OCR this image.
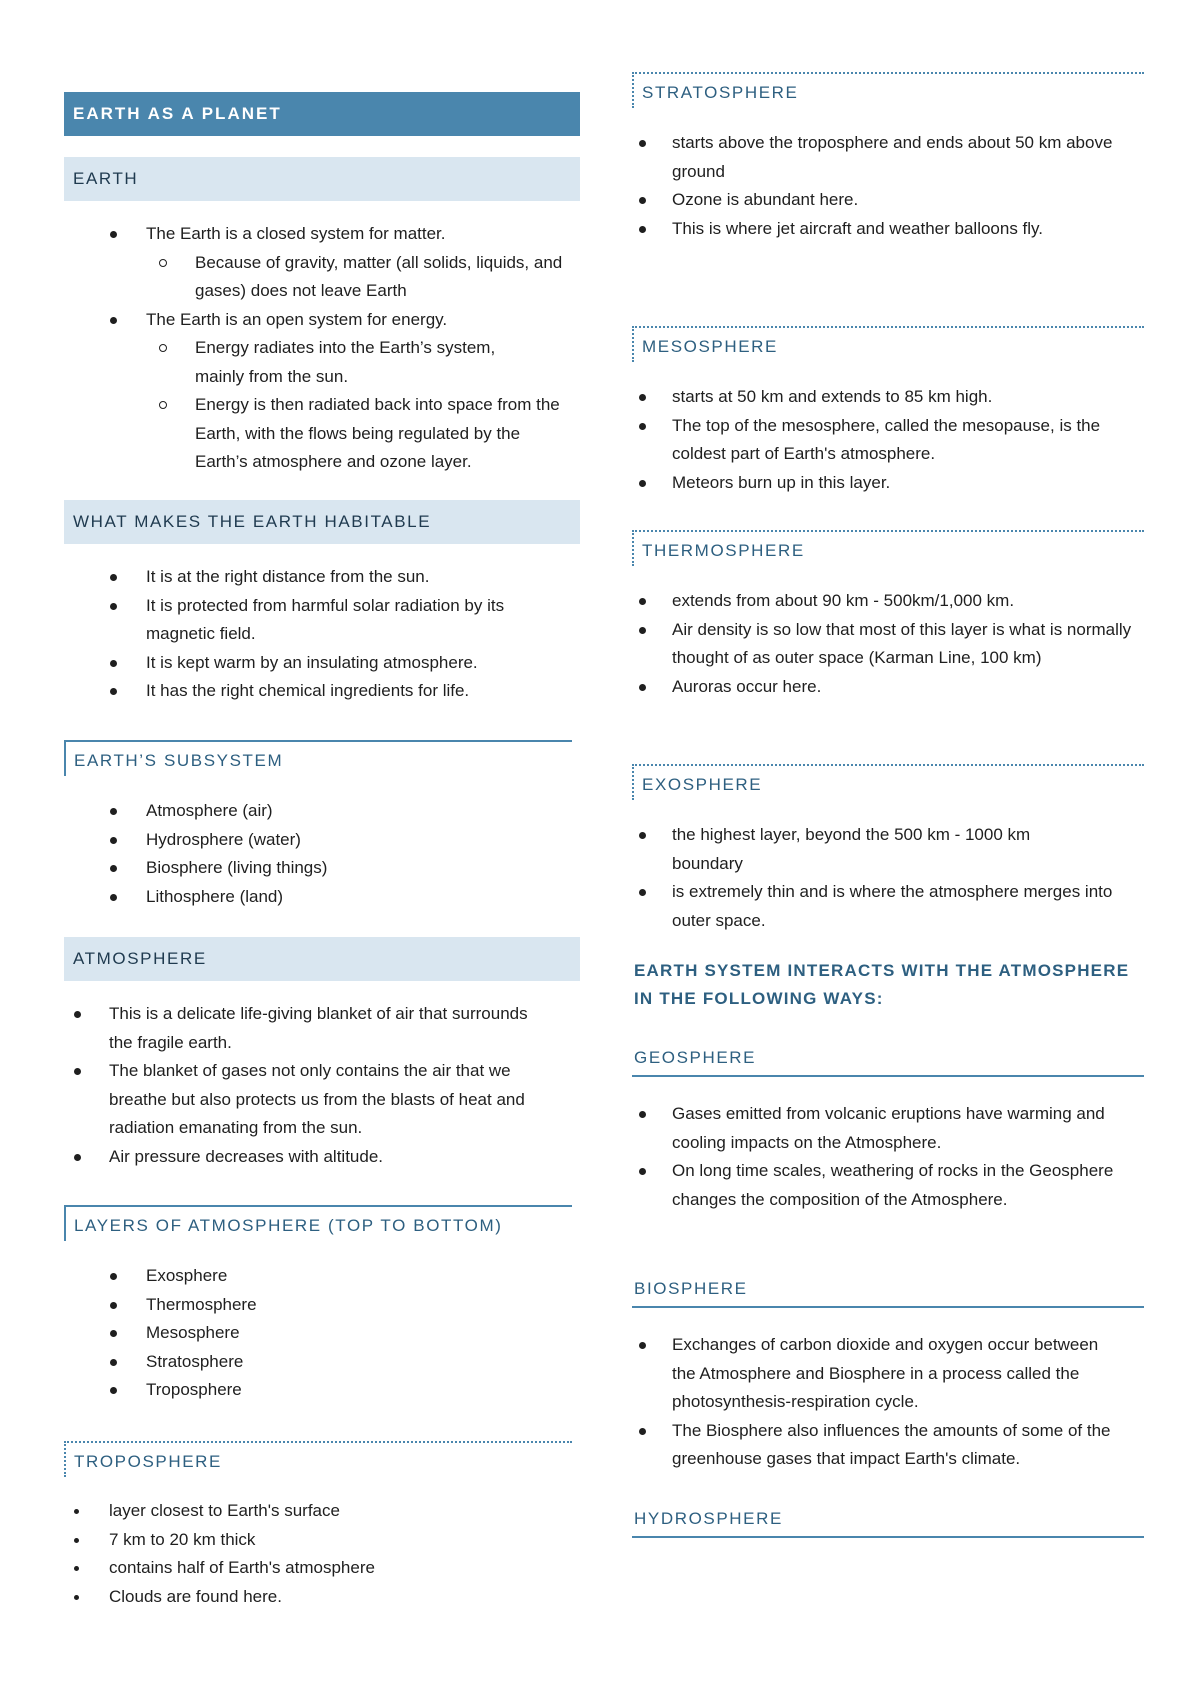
EARTH AS A PLANET
EARTH
The Earth is a closed system for matter.
Because of gravity, matter (all solids, liquids, and gases) does not leave Earth
The Earth is an open system for energy.
Energy radiates into the Earth’s system, mainly from the sun.
Energy is then radiated back into space from the Earth, with the flows being regulated by the Earth’s atmosphere and ozone layer.
WHAT MAKES THE EARTH HABITABLE
It is at the right distance from the sun.
It is protected from harmful solar radiation by its magnetic field.
It is kept warm by an insulating atmosphere.
It has the right chemical ingredients for life.
EARTH’S SUBSYSTEM
Atmosphere (air)
Hydrosphere (water)
Biosphere (living things)
Lithosphere (land)
ATMOSPHERE
This is a delicate life-giving blanket of air that surrounds the fragile earth.
The blanket of gases not only contains the air that we breathe but also protects us from the blasts of heat and radiation emanating from the sun.
Air pressure decreases with altitude.
LAYERS OF ATMOSPHERE (TOP TO BOTTOM)
Exosphere
Thermosphere
Mesosphere
Stratosphere
Troposphere
TROPOSPHERE
layer closest to Earth's surface
7 km to 20 km thick
contains half of Earth's atmosphere
Clouds are found here.
STRATOSPHERE
starts above the troposphere and ends about 50 km above ground
Ozone is abundant here.
This is where jet aircraft and weather balloons fly.
MESOSPHERE
starts at 50 km and extends to 85 km high.
The top of the mesosphere, called the mesopause, is the coldest part of Earth's atmosphere.
Meteors burn up in this layer.
THERMOSPHERE
extends from about 90 km - 500km/1,000 km.
Air density is so low that most of this layer is what is normally thought of as outer space (Karman Line, 100 km)
Auroras occur here.
EXOSPHERE
the highest layer, beyond the 500 km - 1000 km boundary
is extremely thin and is where the atmosphere merges into outer space.
EARTH SYSTEM INTERACTS WITH THE ATMOSPHERE IN THE FOLLOWING WAYS:
GEOSPHERE
Gases emitted from volcanic eruptions have warming and cooling impacts on the Atmosphere.
On long time scales, weathering of rocks in the Geosphere changes the composition of the Atmosphere.
BIOSPHERE
Exchanges of carbon dioxide and oxygen occur between the Atmosphere and Biosphere in a process called the photosynthesis-respiration cycle.
The Biosphere also influences the amounts of some of the greenhouse gases that impact Earth's climate.
HYDROSPHERE
